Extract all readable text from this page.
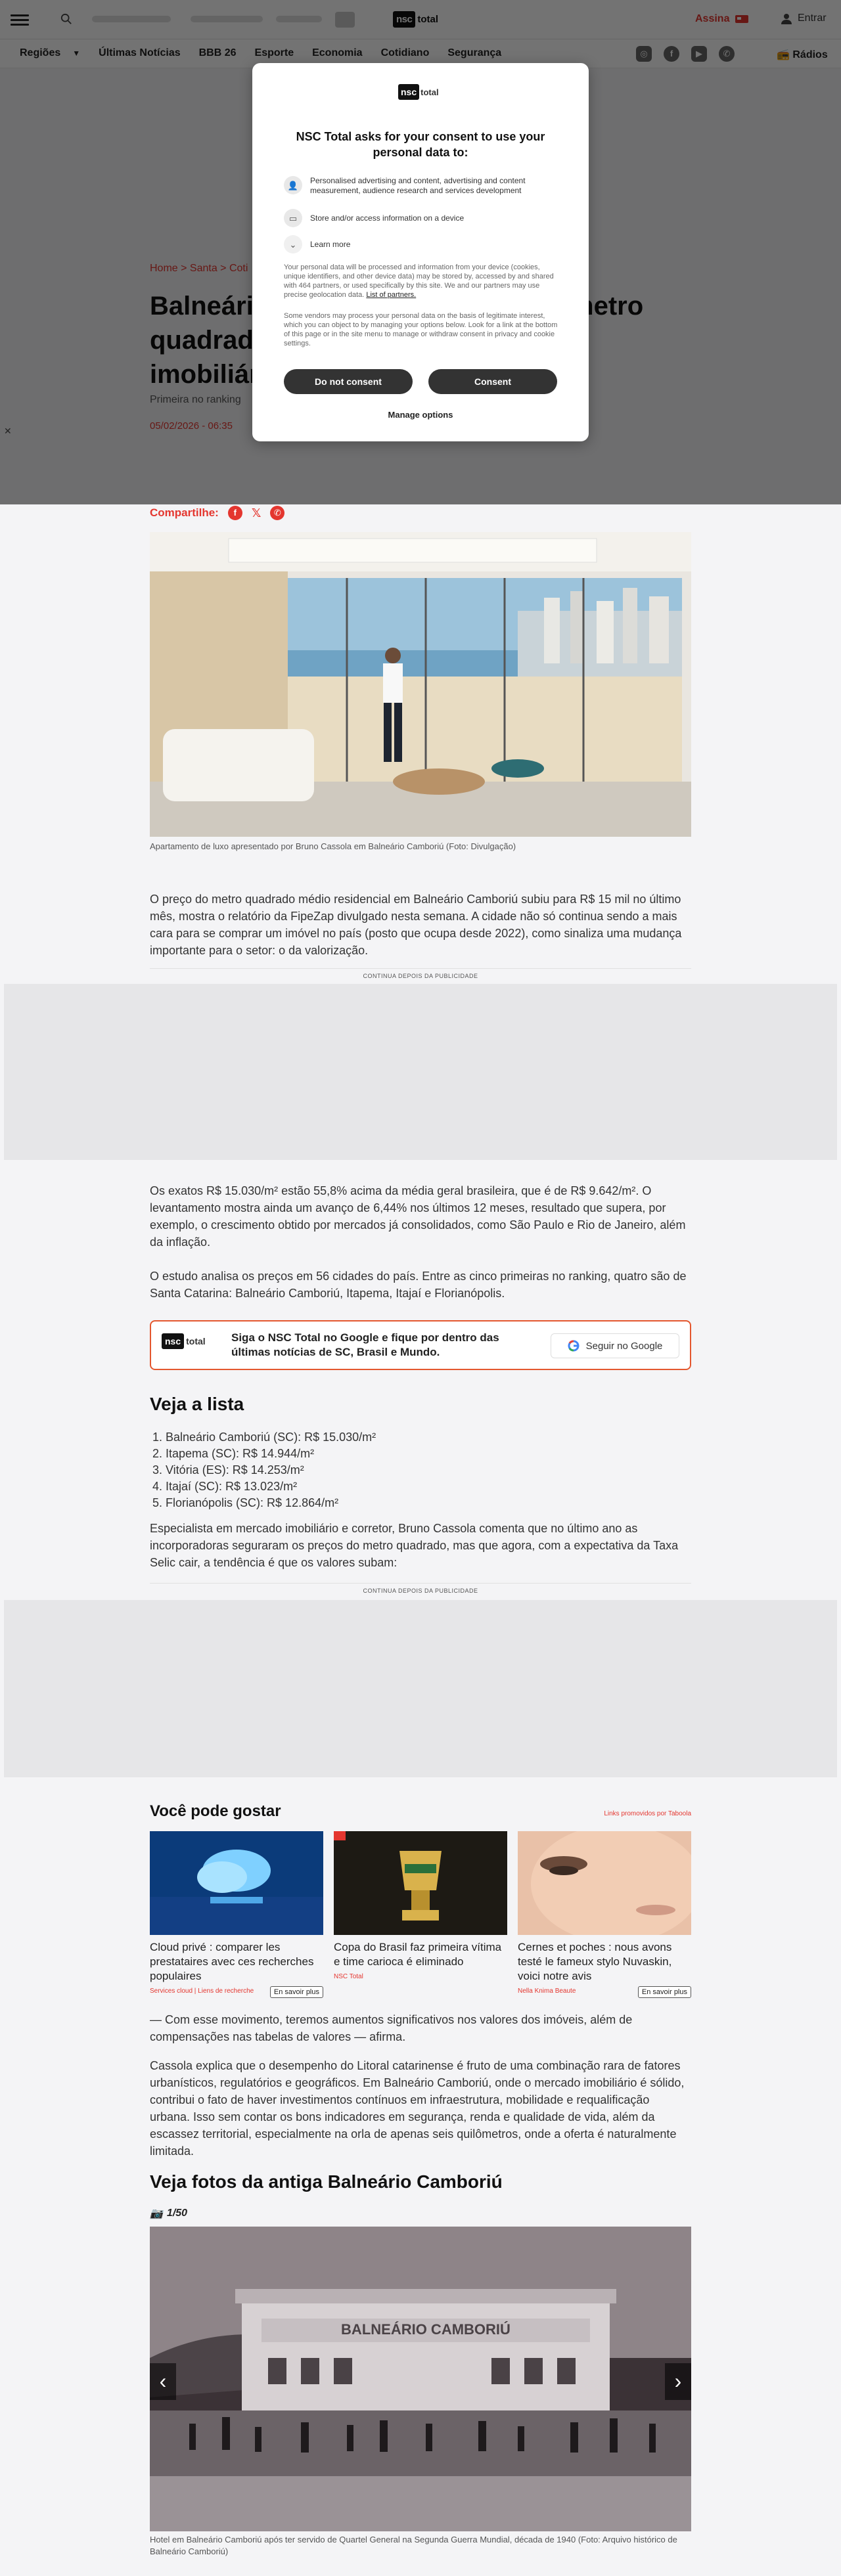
✕
nsc total
NSC Total asks for your consent to use your personal data to:
👤	Personalised advertising and content, advertising and content measurement, audience research and services development
▭	Store and/or access information on a device
⌄	Learn more
Your personal data will be processed and information from your device (cookies, unique identifiers, and other device data) may be stored by, accessed by and shared with 464 partners, or used specifically by this site. We and our partners may use precise geolocation data. List of partners.
Some vendors may process your personal data on the basis of legitimate interest, which you can object to by managing your options below. Look for a link at the bottom of this page or in the site menu to manage or withdraw consent in privacy and cookie settings.
Do not consent	Consent
Manage options
Compartilhe:	f	𝕏	✆
Apartamento de luxo apresentado por Bruno Cassola em Balneário Camboriú (Foto: Divulgação)
O preço do metro quadrado médio residencial em Balneário Camboriú subiu para R$ 15 mil no último mês, mostra o relatório da FipeZap divulgado nesta semana. A cidade não só continua sendo a mais cara para se comprar um imóvel no país (posto que ocupa desde 2022), como sinaliza uma mudança importante para o setor: o da valorização.
CONTINUA DEPOIS DA PUBLICIDADE
Os exatos R$ 15.030/m² estão 55,8% acima da média geral brasileira, que é de R$ 9.642/m². O levantamento mostra ainda um avanço de 6,44% nos últimos 12 meses, resultado que supera, por exemplo, o crescimento obtido por mercados já consolidados, como São Paulo e Rio de Janeiro, além da inflação.
O estudo analisa os preços em 56 cidades do país. Entre as cinco primeiras no ranking, quatro são de Santa Catarina: Balneário Camboriú, Itapema, Itajaí e Florianópolis.
nsc total Siga o NSC Total no Google e fique por dentro das últimas notícias de SC, Brasil e Mundo.	Seguir no Google
Veja a lista
1. Balneário Camboriú (SC): R$ 15.030/m²
2. Itapema (SC): R$ 14.944/m²
3. Vitória (ES): R$ 14.253/m²
4. Itajaí (SC): R$ 13.023/m²
5. Florianópolis (SC): R$ 12.864/m²
Especialista em mercado imobiliário e corretor, Bruno Cassola comenta que no último ano as incorporadoras seguraram os preços do metro quadrado, mas que agora, com a expectativa da Taxa Selic cair, a tendência é que os valores subam:
CONTINUA DEPOIS DA PUBLICIDADE
Você pode gostar	Links promovidos por Taboola
Cloud privé : comparer les prestataires avec ces recherches populaires
Services cloud | Liens de recherche	En savoir plus
Copa do Brasil faz primeira vítima e time carioca é eliminado
NSC Total
Cernes et poches : nous avons testé le fameux stylo Nuvaskin, voici notre avis
Nella Knima Beaute	En savoir plus
— Com esse movimento, teremos aumentos significativos nos valores dos imóveis, além de compensações nas tabelas de valores — afirma.
Cassola explica que o desempenho do Litoral catarinense é fruto de uma combinação rara de fatores urbanísticos, regulatórios e geográficos. Em Balneário Camboriú, onde o mercado imobiliário é sólido, contribui o fato de haver investimentos contínuos em infraestrutura, mobilidade e requalificação urbana. Isso sem contar os bons indicadores em segurança, renda e qualidade de vida, além da escassez territorial, especialmente na orla de apenas seis quilômetros, onde a oferta é naturalmente limitada.
Veja fotos da antiga Balneário Camboriú
📷 1/50
BALNEÁRIO CAMBORIÚ
‹	›
Hotel em Balneário Camboriú após ter servido de Quartel General na Segunda Guerra Mundial, década de 1940 (Foto: Arquivo histórico de Balneário Camboriú)
